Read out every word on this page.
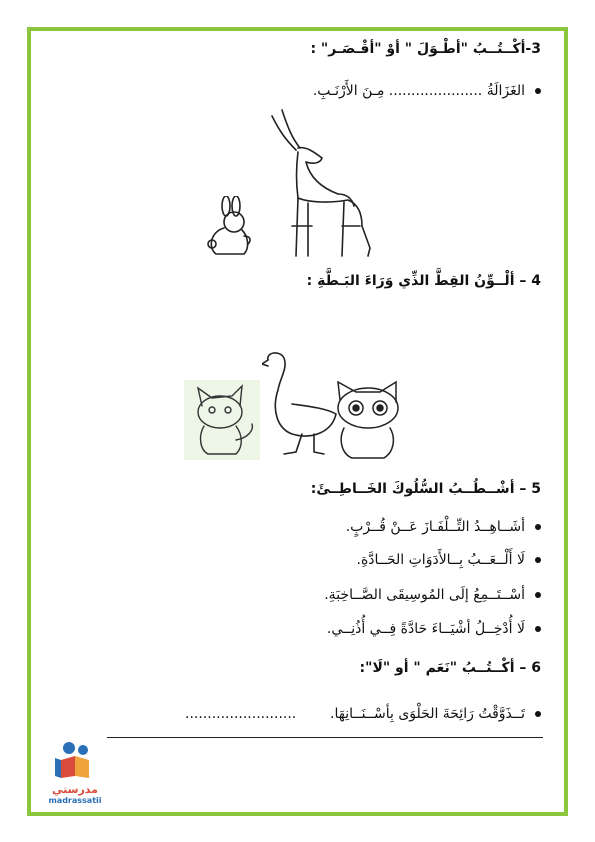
3-أكْــتُــبُ "أطْـوَلَ " أوْ "أقْـصَـر" :
الغَزَالَةُ ..................... مِـنَ الأَرْنَـبِ.
4 – ألْــوِّنُ القِطَّ الذِّي وَرَاءَ البَـطَّةِ :
5 – أشْــطُــبُ السُّلُوكَ الخَــاطِــئَ:
أشَــاهِــدُ التِّــلْفَـازَ عَــنْ قُــرْبٍ.
لَا أَلْــعَــبُ بِــالأَدَوَاتِ الحَــادَّةِ.
أسْــتَــمِعُ إلَى المُوسِيقَى الصَّــاخِبَةِ.
لَا أُدْخِــلُ أشْيَــاءَ حَادَّةً فِــي أُذُنِــي.
6 – أكْــتُــبُ "نَعَم " أو "لَا":
تَــذَوَّقْتُ رَائِحَةَ الحَلْوَى بِأسْــنَــانِهَا.
.........................
مدرستي
madrassatii
